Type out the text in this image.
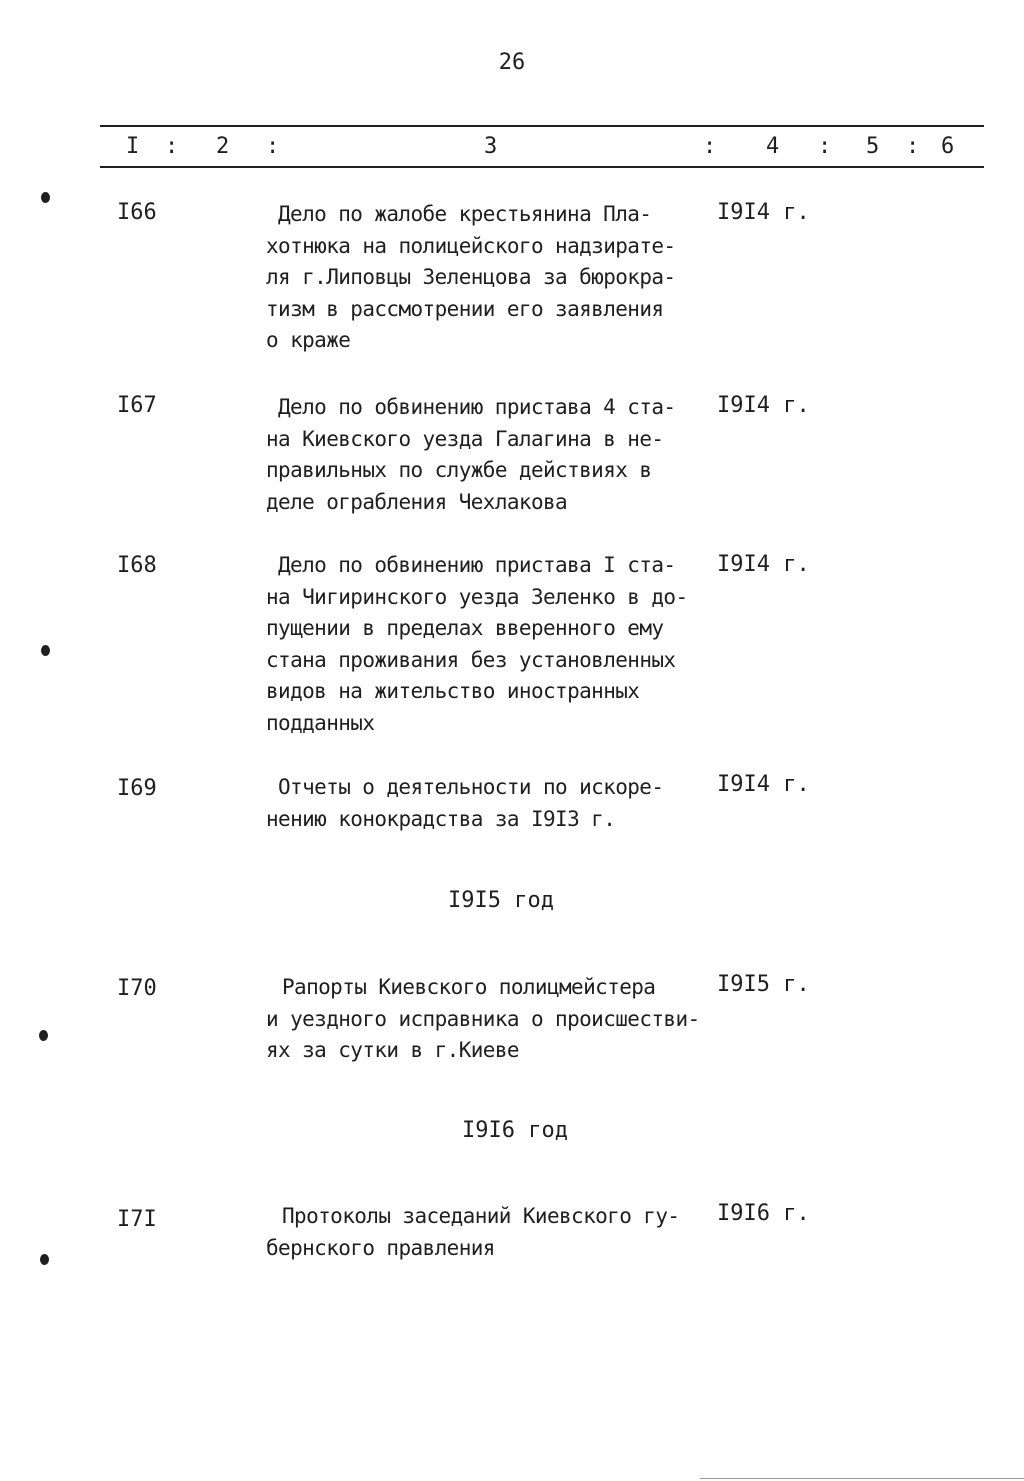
26
I : 2 :	3	: 4 : 5 : 6
I66	Дело по жалобе крестьянина Пла-
хотнюка на полицейского надзирате-
ля г.Липовцы Зеленцова за бюрокра-
тизм в рассмотрении его заявления
о краже
I9I4 г.
I67	Дело по обвинению пристава 4 ста-
на Киевского уезда Галагина в не-
правильных по службе действиях в
деле ограбления Чехлакова
I9I4 г.
I68	Дело по обвинению пристава I ста-
на Чигиринского уезда Зеленко в до-
пущении в пределах вверенного ему
стана проживания без установленных
видов на жительство иностранных
подданных
I9I4 г.
I69	Отчеты о деятельности по искоре-
нению конокрадства за I9I3 г.
I9I4 г.
I9I5 год
I70	Рапорты Киевского полицмейстера
и уездного исправника о происшестви-
ях за сутки в г.Киеве
I9I5 г.
I9I6 год
I7I	Протоколы заседаний Киевского гу-
бернского правления
I9I6 г.
